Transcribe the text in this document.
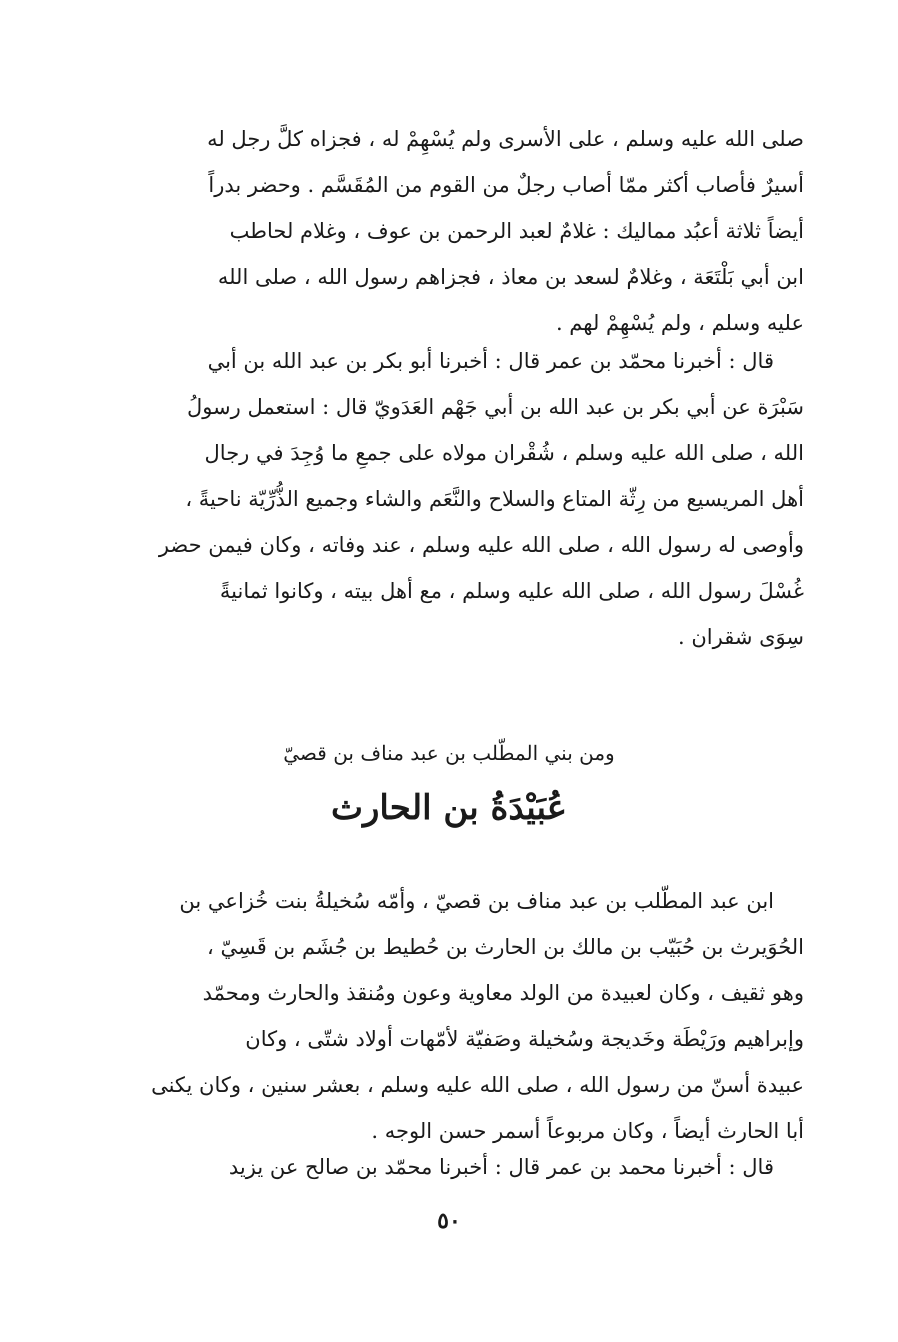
صلى الله عليه وسلم ، على الأسرى ولم يُسْهِمْ له ، فجزاه كلَّ رجل له
أسيرٌ فأصاب أكثر ممّا أصاب رجلٌ من القوم من المُقَسَّم . وحضر بدراً
أيضاً ثلاثة أعبُد مماليك : غلامٌ لعبد الرحمن بن عوف ، وغلام لحاطب
ابن أبي بَلْتَعَة ، وغلامٌ لسعد بن معاذ ، فجزاهم رسول الله ، صلى الله
عليه وسلم ، ولم يُسْهِمْ لهم .
قال : أخبرنا محمّد بن عمر قال : أخبرنا أبو بكر بن عبد الله بن أبي
سَبْرَة عن أبي بكر بن عبد الله بن أبي جَهْم العَدَويّ قال : استعمل رسولُ
الله ، صلى الله عليه وسلم ، شُقْران مولاه على جمعِ ما وُجِدَ في رجال
أهل المريسيع من رِثّة المتاع والسلاح والنَّعَم والشاء وجميع الذُّرِّيّة ناحيةً ،
وأوصى له رسول الله ، صلى الله عليه وسلم ، عند وفاته ، وكان فيمن حضر
غُسْلَ رسول الله ، صلى الله عليه وسلم ، مع أهل بيته ، وكانوا ثمانيةً
سِوَى شقران .
ومن بني المطّلب بن عبد مناف بن قصيّ
عُبَيْدَةُ بن الحارث
ابن عبد المطّلب بن عبد مناف بن قصيّ ، وأمّه سُخيلةُ بنت خُزاعي بن
الحُوَيرث بن حُبَيّب بن مالك بن الحارث بن حُطيط بن جُشَم بن قَسِيّ ،
وهو ثقيف ، وكان لعبيدة من الولد معاوية وعون ومُنقذ والحارث ومحمّد
وإبراهيم ورَيْطَة وخَديجة وسُخيلة وصَفيّة لأمّهات أولاد شتّى ، وكان
عبيدة أسنّ من رسول الله ، صلى الله عليه وسلم ، بعشر سنين ، وكان يكنى
أبا الحارث أيضاً ، وكان مربوعاً أسمر حسن الوجه .
قال : أخبرنا محمد بن عمر قال : أخبرنا محمّد بن صالح عن يزيد
٥٠
